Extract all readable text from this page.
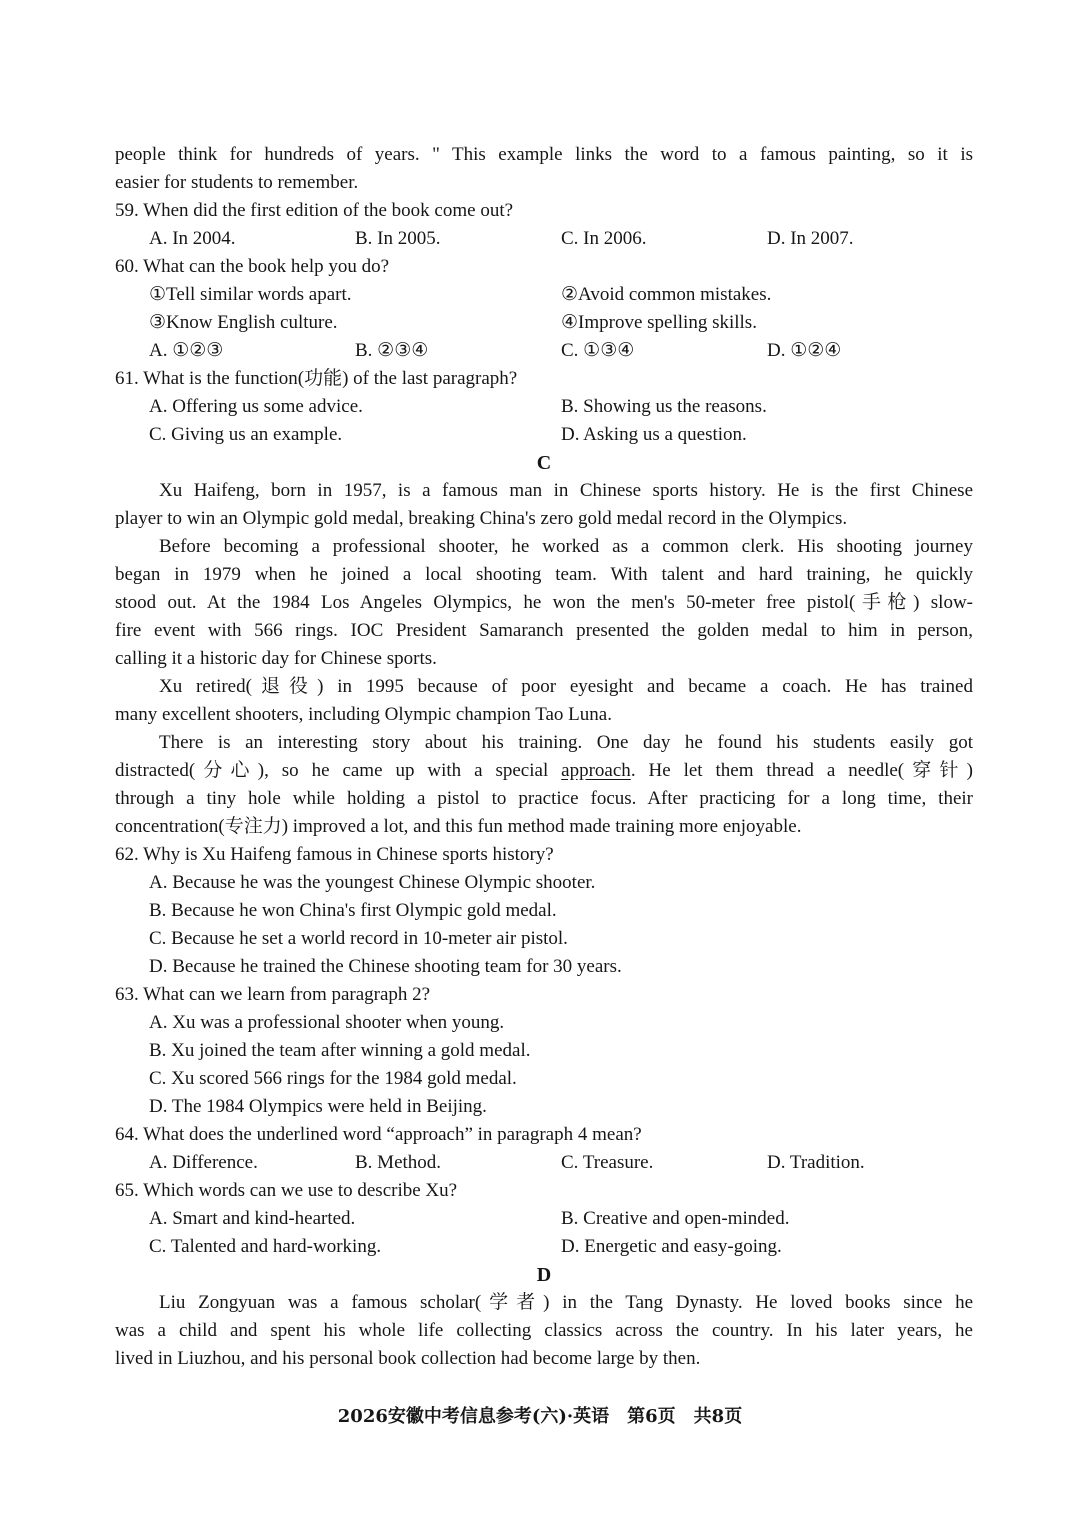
people think for hundreds of years. " This example links the word to a famous painting, so it is
easier for students to remember.
59. When did the first edition of the book come out?
A. In 2004.	B. In 2005.	C. In 2006.	D. In 2007.
60. What can the book help you do?
①Tell similar words apart.	②Avoid common mistakes.
③Know English culture.	④Improve spelling skills.
A. ①②③	B. ②③④	C. ①③④	D. ①②④
61. What is the function(功能) of the last paragraph?
A. Offering us some advice.	B. Showing us the reasons.
C. Giving us an example.	D. Asking us a question.
C
Xu Haifeng, born in 1957, is a famous man in Chinese sports history. He is the first Chinese
player to win an Olympic gold medal, breaking China's zero gold medal record in the Olympics.
Before becoming a professional shooter, he worked as a common clerk. His shooting journey
began in 1979 when he joined a local shooting team. With talent and hard training, he quickly
stood out. At the 1984 Los Angeles Olympics, he won the men's 50-meter free pistol(手枪) slow-
fire event with 566 rings. IOC President Samaranch presented the golden medal to him in person,
calling it a historic day for Chinese sports.
Xu retired(退役) in 1995 because of poor eyesight and became a coach. He has trained
many excellent shooters, including Olympic champion Tao Luna.
There is an interesting story about his training. One day he found his students easily got
distracted(分心), so he came up with a special approach. He let them thread a needle(穿针)
through a tiny hole while holding a pistol to practice focus. After practicing for a long time, their
concentration(专注力) improved a lot, and this fun method made training more enjoyable.
62. Why is Xu Haifeng famous in Chinese sports history?
A. Because he was the youngest Chinese Olympic shooter.
B. Because he won China's first Olympic gold medal.
C. Because he set a world record in 10-meter air pistol.
D. Because he trained the Chinese shooting team for 30 years.
63. What can we learn from paragraph 2?
A. Xu was a professional shooter when young.
B. Xu joined the team after winning a gold medal.
C. Xu scored 566 rings for the 1984 gold medal.
D. The 1984 Olympics were held in Beijing.
64. What does the underlined word “approach” in paragraph 4 mean?
A. Difference.	B. Method.	C. Treasure.	D. Tradition.
65. Which words can we use to describe Xu?
A. Smart and kind-hearted.	B. Creative and open-minded.
C. Talented and hard-working.	D. Energetic and easy-going.
D
Liu Zongyuan was a famous scholar(学者) in the Tang Dynasty. He loved books since he
was a child and spent his whole life collecting classics across the country. In his later years, he
lived in Liuzhou, and his personal book collection had become large by then.
2026安徽中考信息参考(六)·英语　第6页　共8页
